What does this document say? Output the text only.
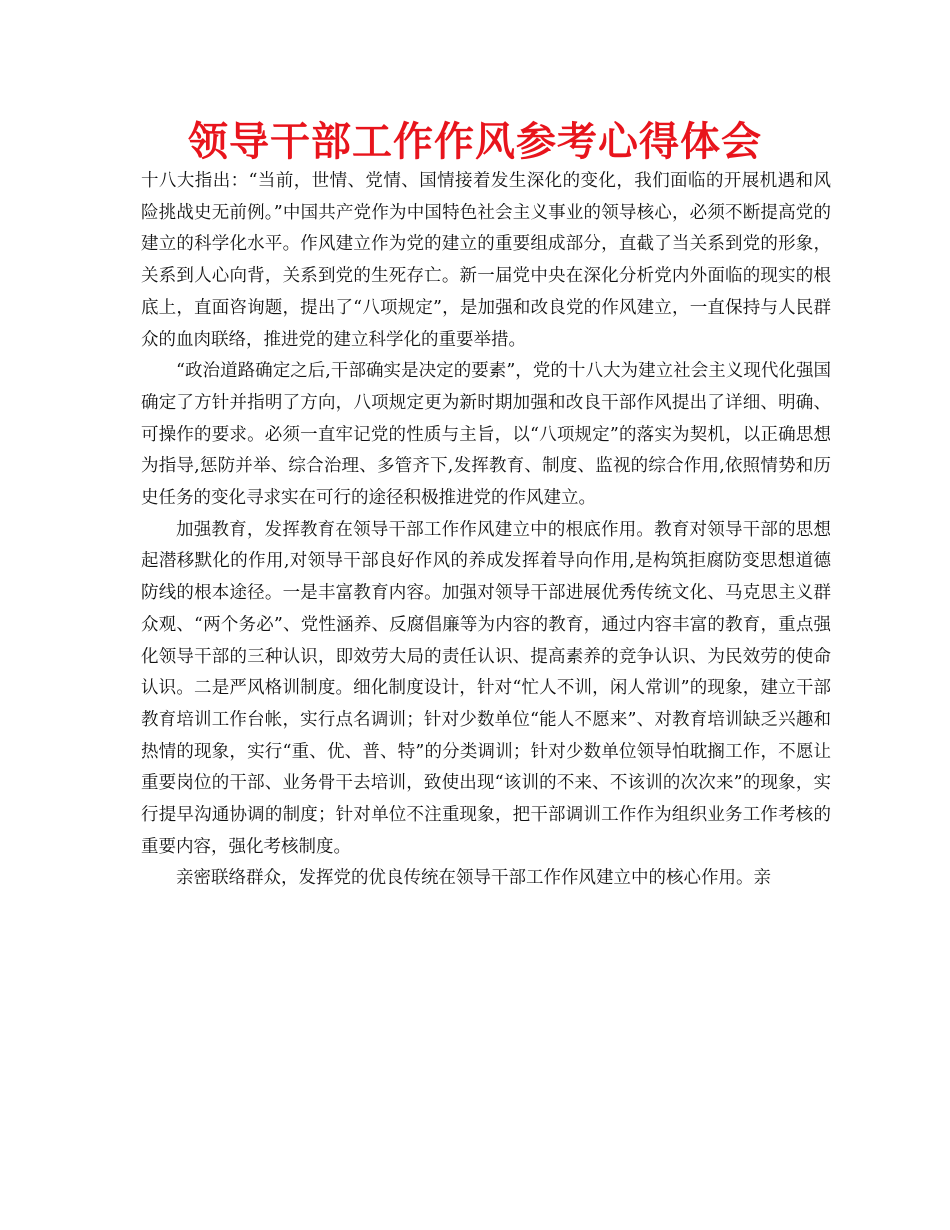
领导干部工作作风参考心得体会

十八大指出：“当前，世情、党情、国情接着发生深化的变化，我们面临的开展机遇和风险挑战史无前例。”中国共产党作为中国特色社会主义事业的领导核心，必须不断提高党的建立的科学化水平。作风建立作为党的建立的重要组成部分，直截了当关系到党的形象，关系到人心向背，关系到党的生死存亡。新一届党中央在深化分析党内外面临的现实的根底上，直面咨询题，提出了“八项规定”，是加强和改良党的作风建立，一直保持与人民群众的血肉联络，推进党的建立科学化的重要举措。

“政治道路确定之后,干部确实是决定的要素”，党的十八大为建立社会主义现代化强国确定了方针并指明了方向，八项规定更为新时期加强和改良干部作风提出了详细、明确、可操作的要求。必须一直牢记党的性质与主旨，以“八项规定”的落实为契机，以正确思想为指导,惩防并举、综合治理、多管齐下,发挥教育、制度、监视的综合作用,依照情势和历史任务的变化寻求实在可行的途径积极推进党的作风建立。

加强教育，发挥教育在领导干部工作作风建立中的根底作用。教育对领导干部的思想起潜移默化的作用,对领导干部良好作风的养成发挥着导向作用,是构筑拒腐防变思想道德防线的根本途径。一是丰富教育内容。加强对领导干部进展优秀传统文化、马克思主义群众观、“两个务必”、党性涵养、反腐倡廉等为内容的教育，通过内容丰富的教育，重点强化领导干部的三种认识，即效劳大局的责任认识、提高素养的竞争认识、为民效劳的使命认识。二是严风格训制度。细化制度设计，针对“忙人不训，闲人常训”的现象，建立干部教育培训工作台帐，实行点名调训；针对少数单位“能人不愿来”、对教育培训缺乏兴趣和热情的现象，实行“重、优、普、特”的分类调训；针对少数单位领导怕耽搁工作，不愿让重要岗位的干部、业务骨干去培训，致使出现“该训的不来、不该训的次次来”的现象，实行提早沟通协调的制度；针对单位不注重现象，把干部调训工作作为组织业务工作考核的重要内容，强化考核制度。

亲密联络群众，发挥党的优良传统在领导干部工作作风建立中的核心作用。亲
